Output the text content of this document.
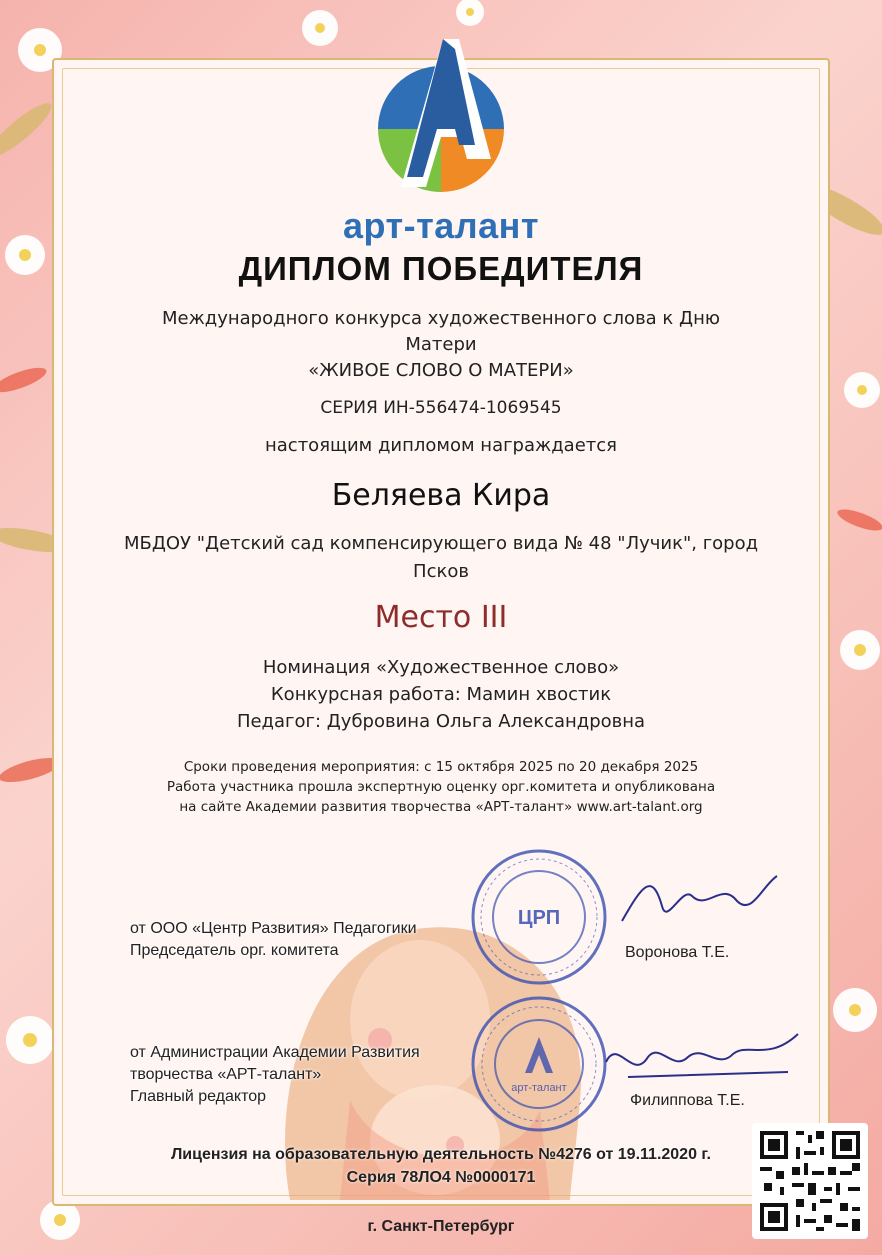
арт-талант
ДИПЛОМ ПОБЕДИТЕЛЯ
Международного конкурса художественного слова к Дню Матери
«ЖИВОЕ СЛОВО О МАТЕРИ»
СЕРИЯ ИН-556474-1069545
настоящим дипломом награждается
Беляева Кира
МБДОУ "Детский сад компенсирующего вида № 48 "Лучик", город Псков
Место III
Номинация «Художественное слово»
Конкурсная работа: Мамин хвостик
Педагог: Дубровина Ольга Александровна
Сроки проведения мероприятия: с 15 октября 2025 по 20 декабря 2025
Работа участника прошла экспертную оценку орг.комитета и опубликована
на сайте Академии развития творчества «АРТ-талант» www.art-talant.org
ЦРП
арт-талант
от ООО «Центр Развития» Педагогики
Председатель орг. комитета	Воронова Т.Е.
от Администрации Академии Развития
творчества «АРТ-талант»
Главный редактор	Филиппова Т.Е.
Лицензия на образовательную деятельность №4276 от 19.11.2020 г.
Серия 78ЛО4 №0000171
г. Санкт-Петербург
